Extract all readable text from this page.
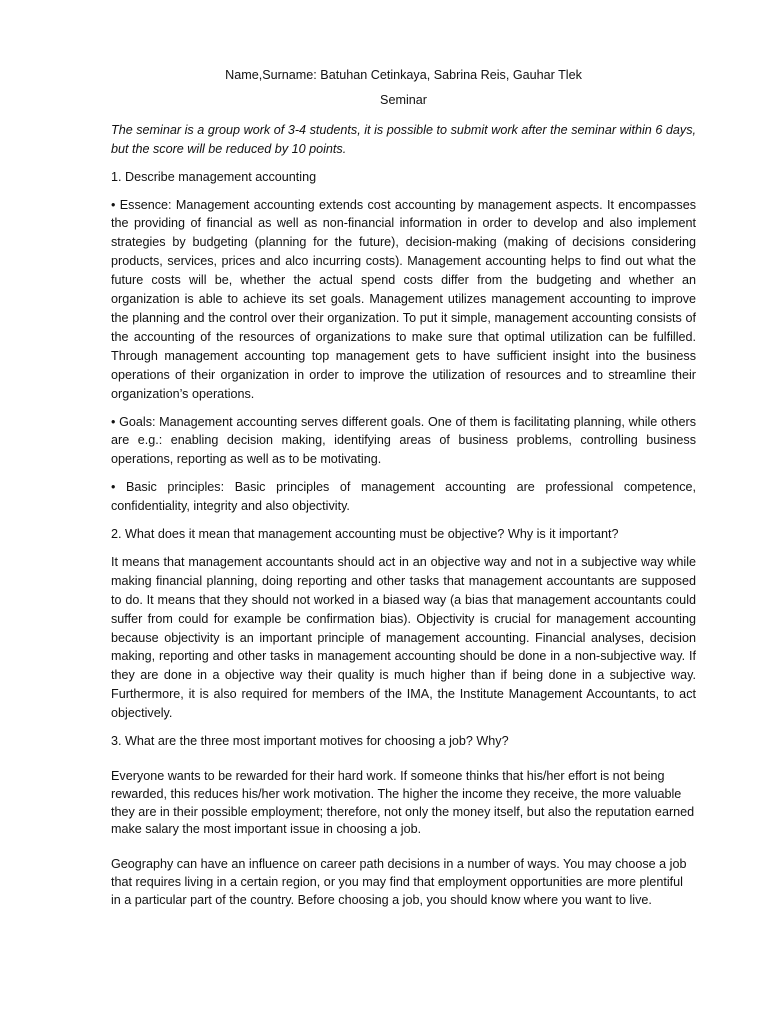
Name,Surname: Batuhan Cetinkaya, Sabrina Reis, Gauhar Tlek
Seminar
The seminar is a group work of 3-4 students, it is possible to submit work after the seminar within 6 days, but the score will be reduced by 10 points.
1. Describe management accounting
• Essence: Management accounting extends cost accounting by management aspects. It encompasses the providing of financial as well as non-financial information in order to develop and also implement strategies by budgeting (planning for the future), decision-making (making of decisions considering products, services, prices and alco incurring costs). Management accounting helps to find out what the future costs will be, whether the actual spend costs differ from the budgeting and whether an organization is able to achieve its set goals. Management utilizes management accounting to improve the planning and the control over their organization. To put it simple, management accounting consists of the accounting of the resources of organizations to make sure that optimal utilization can be fulfilled. Through management accounting top management gets to have sufficient insight into the business operations of their organization in order to improve the utilization of resources and to streamline their organization’s operations.
• Goals: Management accounting serves different goals. One of them is facilitating planning, while others are e.g.: enabling decision making, identifying areas of business problems, controlling business operations, reporting as well as to be motivating.
• Basic principles: Basic principles of management accounting are professional competence, confidentiality, integrity and also objectivity.
2. What does it mean that management accounting must be objective? Why is it important?
It means that management accountants should act in an objective way and not in a subjective way while making financial planning, doing reporting and other tasks that management accountants are supposed to do. It means that they should not worked in a biased way (a bias that management accountants could suffer from could for example be confirmation bias). Objectivity is crucial for management accounting because objectivity is an important principle of management accounting. Financial analyses, decision making, reporting and other tasks in management accounting should be done in a non-subjective way. If they are done in a objective way their quality is much higher than if being done in a subjective way. Furthermore, it is also required for members of the IMA, the Institute Management Accountants, to act objectively.
3. What are the three most important motives for choosing a job? Why?
Everyone wants to be rewarded for their hard work. If someone thinks that his/her effort is not being rewarded, this reduces his/her work motivation. The higher the income they receive, the more valuable they are in their possible employment; therefore, not only the money itself, but also the reputation earned make salary the most important issue in choosing a job.
Geography can have an influence on career path decisions in a number of ways. You may choose a job that requires living in a certain region, or you may find that employment opportunities are more plentiful in a particular part of the country. Before choosing a job, you should know where you want to live.
